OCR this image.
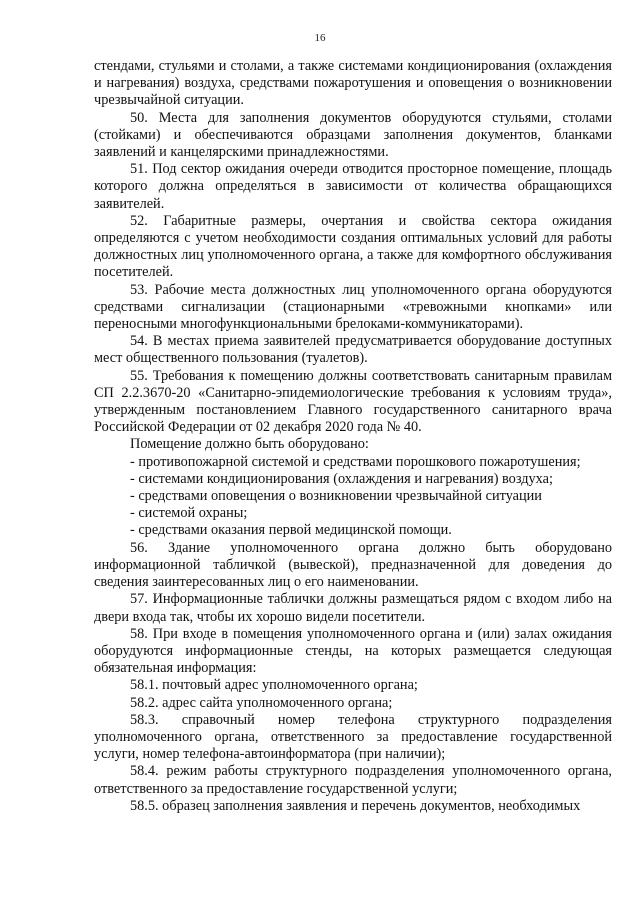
16

стендами, стульями и столами, а также системами кондиционирования (охлаждения и нагревания) воздуха, средствами пожаротушения и оповещения о возникновении чрезвычайной ситуации.

50. Места для заполнения документов оборудуются стульями, столами (стойками) и обеспечиваются образцами заполнения документов, бланками заявлений и канцелярскими принадлежностями.

51. Под сектор ожидания очереди отводится просторное помещение, площадь которого должна определяться в зависимости от количества обращающихся заявителей.

52. Габаритные размеры, очертания и свойства сектора ожидания определяются с учетом необходимости создания оптимальных условий для работы должностных лиц уполномоченного органа, а также для комфортного обслуживания посетителей.

53. Рабочие места должностных лиц уполномоченного органа оборудуются средствами сигнализации (стационарными «тревожными кнопками» или переносными многофункциональными брелоками-коммуникаторами).

54. В местах приема заявителей предусматривается оборудование доступных мест общественного пользования (туалетов).

55. Требования к помещению должны соответствовать санитарным правилам СП 2.2.3670-20 «Санитарно-эпидемиологические требования к условиям труда», утвержденным постановлением Главного государственного санитарного врача Российской Федерации от 02 декабря 2020 года № 40.

Помещение должно быть оборудовано:

- противопожарной системой и средствами порошкового пожаротушения;

- системами кондиционирования (охлаждения и нагревания) воздуха;

- средствами оповещения о возникновении чрезвычайной ситуации

- системой охраны;

- средствами оказания первой медицинской помощи.

56. Здание уполномоченного органа должно быть оборудовано информационной табличкой (вывеской), предназначенной для доведения до сведения заинтересованных лиц о его наименовании.

57. Информационные таблички должны размещаться рядом с входом либо на двери входа так, чтобы их хорошо видели посетители.

58. При входе в помещения уполномоченного органа и (или) залах ожидания оборудуются информационные стенды, на которых размещается следующая обязательная информация:

58.1. почтовый адрес уполномоченного органа;

58.2. адрес сайта уполномоченного органа;

58.3. справочный номер телефона структурного подразделения уполномоченного органа, ответственного за предоставление государственной услуги, номер телефона-автоинформатора (при наличии);

58.4. режим работы структурного подразделения уполномоченного органа, ответственного за предоставление государственной услуги;

58.5. образец заполнения заявления и перечень документов, необходимых
